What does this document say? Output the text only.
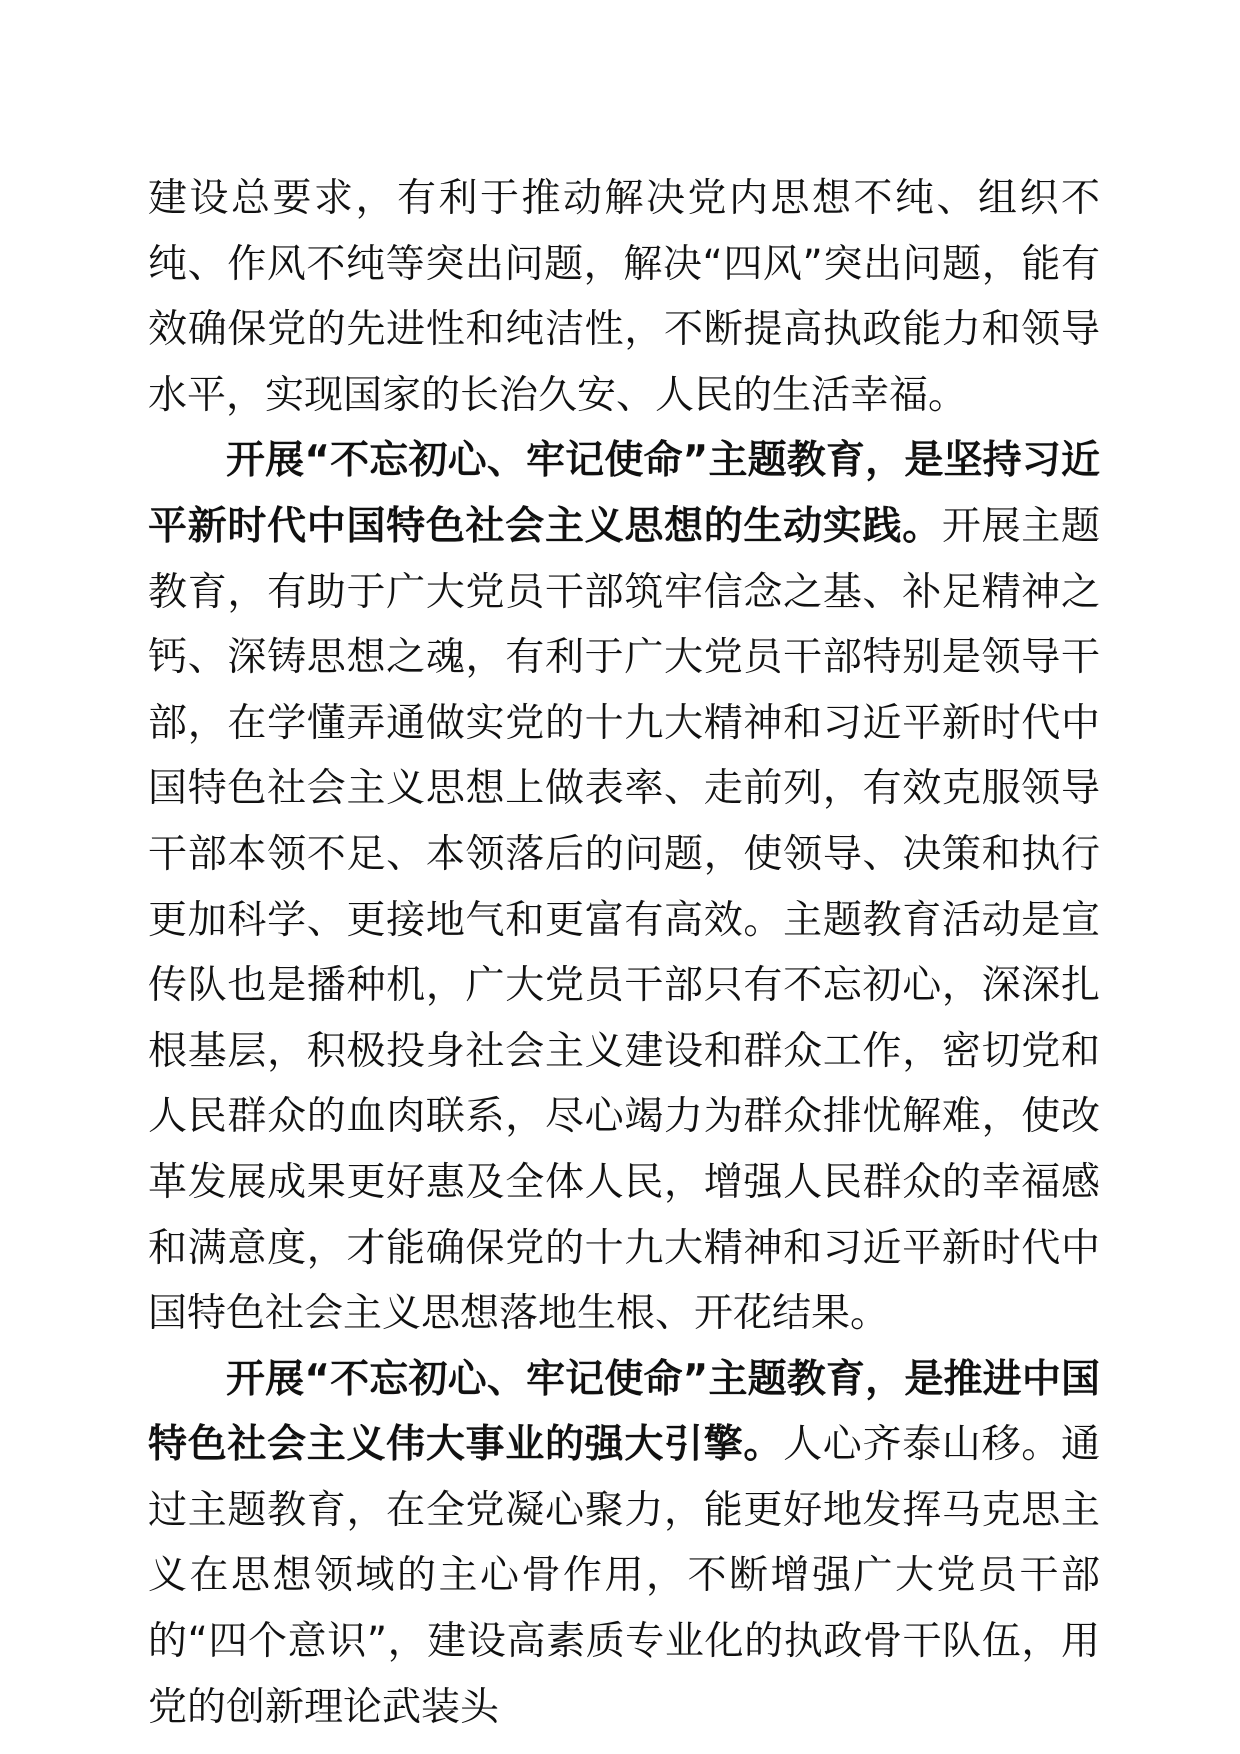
建设总要求，有利于推动解决党内思想不纯、组织不纯、作风不纯等突出问题，解决“四风”突出问题，能有效确保党的先进性和纯洁性，不断提高执政能力和领导水平，实现国家的长治久安、人民的生活幸福。

开展“不忘初心、牢记使命”主题教育，是坚持习近平新时代中国特色社会主义思想的生动实践。开展主题教育，有助于广大党员干部筑牢信念之基、补足精神之钙、深铸思想之魂，有利于广大党员干部特别是领导干部，在学懂弄通做实党的十九大精神和习近平新时代中国特色社会主义思想上做表率、走前列，有效克服领导干部本领不足、本领落后的问题，使领导、决策和执行更加科学、更接地气和更富有高效。主题教育活动是宣传队也是播种机，广大党员干部只有不忘初心，深深扎根基层，积极投身社会主义建设和群众工作，密切党和人民群众的血肉联系，尽心竭力为群众排忧解难，使改革发展成果更好惠及全体人民，增强人民群众的幸福感和满意度，才能确保党的十九大精神和习近平新时代中国特色社会主义思想落地生根、开花结果。

开展“不忘初心、牢记使命”主题教育，是推进中国特色社会主义伟大事业的强大引擎。人心齐泰山移。通过主题教育，在全党凝心聚力，能更好地发挥马克思主义在思想领域的主心骨作用，不断增强广大党员干部的“四个意识”，建设高素质专业化的执政骨干队伍，用党的创新理论武装头
